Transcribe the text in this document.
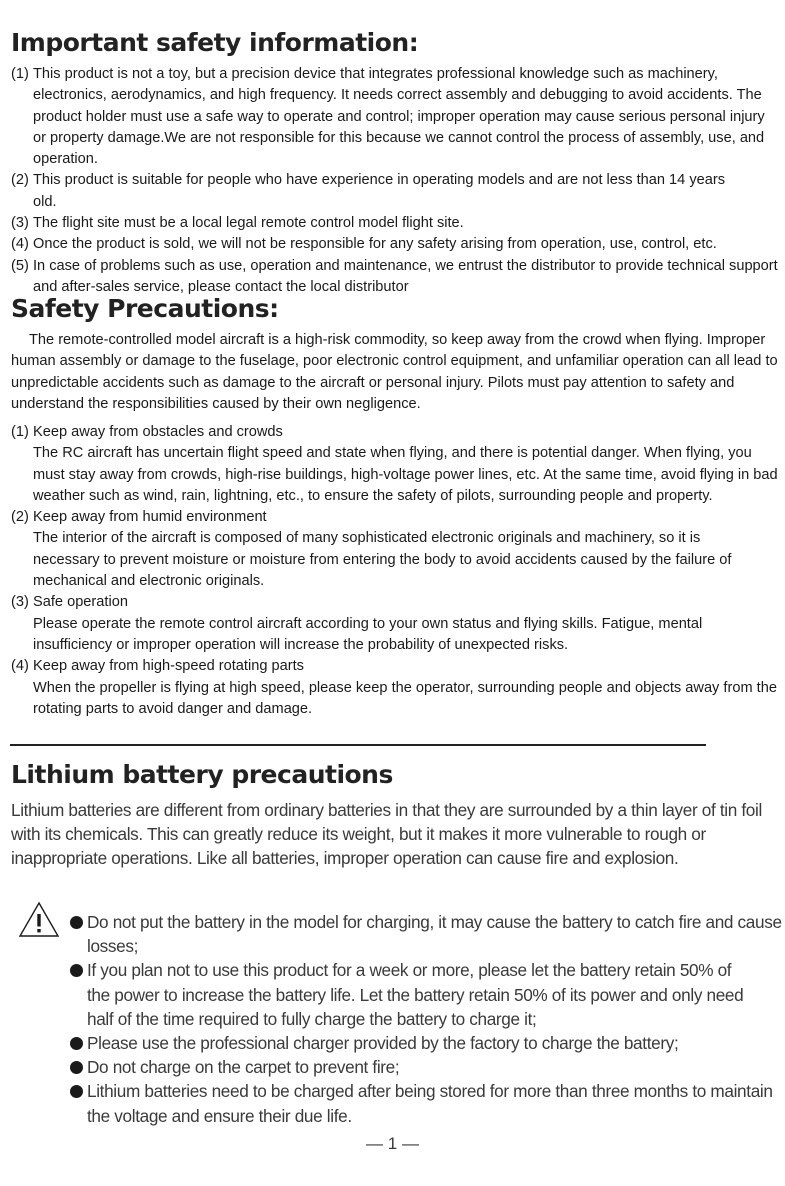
Important safety information:
(1) This product is not a toy, but a precision device that integrates professional knowledge such as machinery, electronics, aerodynamics, and high frequency. It needs correct assembly and debugging to avoid accidents. The product holder must use a safe way to operate and control; improper operation may cause serious personal injury or property damage.We are not responsible for this because we cannot control the process of assembly, use, and operation.
(2) This product is suitable for people who have experience in operating models and are not less than 14 years old.
(3) The flight site must be a local legal remote control model flight site.
(4) Once the product is sold, we will not be responsible for any safety arising from operation, use, control, etc.
(5) In case of problems such as use, operation and maintenance, we entrust the distributor to provide technical support and after-sales service, please contact the local distributor
Safety Precautions:
The remote-controlled model aircraft is a high-risk commodity, so keep away from the crowd when flying. Improper human assembly or damage to the fuselage, poor electronic control equipment, and unfamiliar operation can all lead to unpredictable accidents such as damage to the aircraft or personal injury. Pilots must pay attention to safety and understand the responsibilities caused by their own negligence.
(1) Keep away from obstacles and crowds
The RC aircraft has uncertain flight speed and state when flying, and there is potential danger. When flying, you must stay away from crowds, high-rise buildings, high-voltage power lines, etc. At the same time, avoid flying in bad weather such as wind, rain, lightning, etc., to ensure the safety of pilots, surrounding people and property.
(2) Keep away from humid environment
The interior of the aircraft is composed of many sophisticated electronic originals and machinery, so it is necessary to prevent moisture or moisture from entering the body to avoid accidents caused by the failure of mechanical and electronic originals.
(3) Safe operation
Please operate the remote control aircraft according to your own status and flying skills. Fatigue, mental insufficiency or improper operation will increase the probability of unexpected risks.
(4) Keep away from high-speed rotating parts
When the propeller is flying at high speed, please keep the operator, surrounding people and objects away from the rotating parts to avoid danger and damage.
Lithium battery precautions
Lithium batteries are different from ordinary batteries in that they are surrounded by a thin layer of tin foil with its chemicals. This can greatly reduce its weight, but it makes it more vulnerable to rough or inappropriate operations. Like all batteries, improper operation can cause fire and explosion.
Do not put the battery in the model for charging, it may cause the battery to catch fire and cause losses;
If you plan not to use this product for a week or more, please let the battery retain 50% of the power to increase the battery life. Let the battery retain 50% of its power and only need half of the time required to fully charge the battery to charge it;
Please use the professional charger provided by the factory to charge the battery;
Do not charge on the carpet to prevent fire;
Lithium batteries need to be charged after being stored for more than three months to maintain the voltage and ensure their due life.
— 1 —
